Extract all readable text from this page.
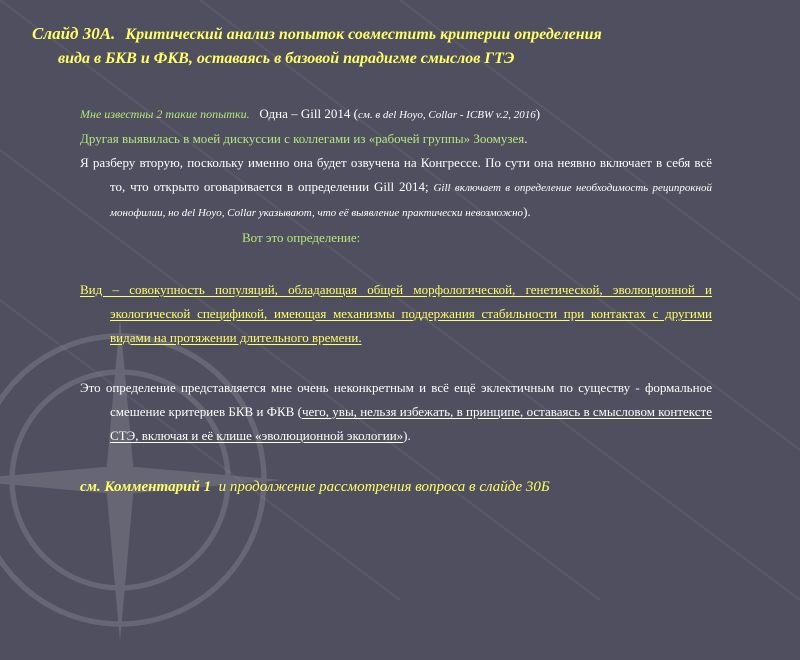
Слайд 30А. Критический анализ попыток совместить критерии определения
вида в БКВ и ФКВ, оставаясь в базовой парадигме смыслов ГТЭ

Мне известны 2 такие попытки. Одна – Gill 2014 (см. в del Hoyo, Collar - ICBW v.2, 2016)

Другая выявилась в моей дискуссии с коллегами из «рабочей группы» Зоомузея.

Я разберу вторую, поскольку именно она будет озвучена на Конгрессе. По сути она неявно включает в себя всё то, что открыто оговаривается в определении Gill 2014; Gill включает в определение необходимость реципрокной монофилии, но del Hoyo, Collar указывают, что её выявление практически невозможно).

Вот это определение:

Вид – совокупность популяций, обладающая общей морфологической, генетической, эволюционной и экологической спецификой, имеющая механизмы поддержания стабильности при контактах с другими видами на протяжении длительного времени.

Это определение представляется мне очень неконкретным и всё ещё эклектичным по существу - формальное смешение критериев БКВ и ФКВ (чего, увы, нельзя избежать, в принципе, оставаясь в смысловом контексте СТЭ, включая и её клише «эволюционной экологии»).

см. Комментарий 1 и продолжение рассмотрения вопроса в слайде 30Б
